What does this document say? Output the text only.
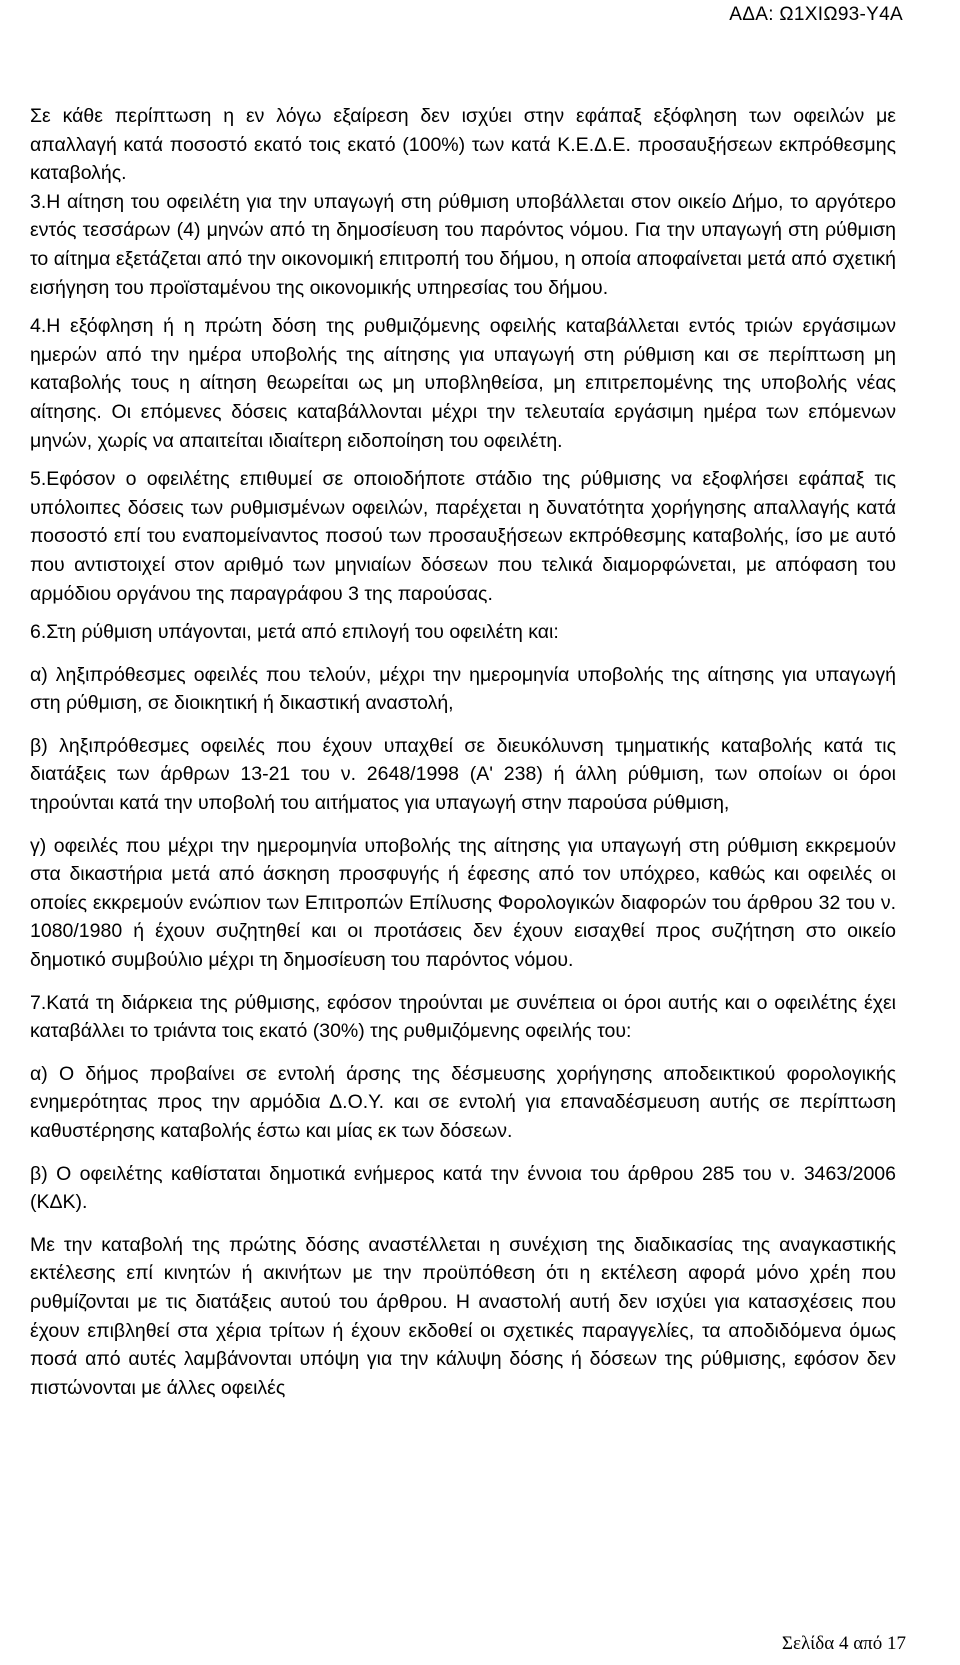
ΑΔΑ: Ω1ΧΙΩ93-Υ4Α

Σε κάθε περίπτωση η εν λόγω εξαίρεση δεν ισχύει στην εφάπαξ εξόφληση των οφειλών με απαλλαγή κατά ποσοστό εκατό τοις εκατό (100%) των κατά Κ.Ε.Δ.Ε. προσαυξήσεων εκπρόθεσμης καταβολής.

3.Η αίτηση του οφειλέτη για την υπαγωγή στη ρύθμιση υποβάλλεται στον οικείο Δήμο, το αργότερο εντός τεσσάρων (4) μηνών από τη δημοσίευση του παρόντος νόμου. Για την υπαγωγή στη ρύθμιση το αίτημα εξετάζεται από την οικονομική επιτροπή του δήμου, η οποία αποφαίνεται μετά από σχετική εισήγηση του προϊσταμένου της οικονομικής υπηρεσίας του δήμου.

4.Η εξόφληση ή η πρώτη δόση της ρυθμιζόμενης οφειλής καταβάλλεται εντός τριών εργάσιμων ημερών από την ημέρα υποβολής της αίτησης για υπαγωγή στη ρύθμιση και σε περίπτωση μη καταβολής τους η αίτηση θεωρείται ως μη υποβληθείσα, μη επιτρεπομένης της υποβολής νέας αίτησης. Οι επόμενες δόσεις καταβάλλονται μέχρι την τελευταία εργάσιμη ημέρα των επόμενων μηνών, χωρίς να απαιτείται ιδιαίτερη ειδοποίηση του οφειλέτη.

5.Εφόσον ο οφειλέτης επιθυμεί σε οποιοδήποτε στάδιο της ρύθμισης να εξοφλήσει εφάπαξ τις υπόλοιπες δόσεις των ρυθμισμένων οφειλών, παρέχεται η δυνατότητα χορήγησης απαλλαγής κατά ποσοστό επί του εναπομείναντος ποσού των προσαυξήσεων εκπρόθεσμης καταβολής, ίσο με αυτό που αντιστοιχεί στον αριθμό των μηνιαίων δόσεων που τελικά διαμορφώνεται, με απόφαση του αρμόδιου οργάνου της παραγράφου 3 της παρούσας.

6.Στη ρύθμιση υπάγονται, μετά από επιλογή του οφειλέτη και:

α) ληξιπρόθεσμες οφειλές που τελούν, μέχρι την ημερομηνία υποβολής της αίτησης για υπαγωγή στη ρύθμιση, σε διοικητική ή δικαστική αναστολή,

β) ληξιπρόθεσμες οφειλές που έχουν υπαχθεί σε διευκόλυνση τμηματικής καταβολής κατά τις διατάξεις των άρθρων 13-21 του ν. 2648/1998 (Α' 238) ή άλλη ρύθμιση, των οποίων οι όροι τηρούνται κατά την υποβολή του αιτήματος για υπαγωγή στην παρούσα ρύθμιση,

γ) οφειλές που μέχρι την ημερομηνία υποβολής της αίτησης για υπαγωγή στη ρύθμιση εκκρεμούν στα δικαστήρια μετά από άσκηση προσφυγής ή έφεσης από τον υπόχρεο, καθώς και οφειλές οι οποίες εκκρεμούν ενώπιον των Επιτροπών Επίλυσης Φορολογικών διαφορών του άρθρου 32 του ν. 1080/1980 ή έχουν συζητηθεί και οι προτάσεις δεν έχουν εισαχθεί προς συζήτηση στο οικείο δημοτικό συμβούλιο μέχρι τη δημοσίευση του παρόντος νόμου.

7.Κατά τη διάρκεια της ρύθμισης, εφόσον τηρούνται με συνέπεια οι όροι αυτής και ο οφειλέτης έχει καταβάλλει το τριάντα τοις εκατό (30%) της ρυθμιζόμενης οφειλής του:

α) Ο δήμος προβαίνει σε εντολή άρσης της δέσμευσης χορήγησης αποδεικτικού φορολογικής ενημερότητας προς την αρμόδια Δ.Ο.Υ. και σε εντολή για επαναδέσμευση αυτής σε περίπτωση καθυστέρησης καταβολής έστω και μίας εκ των δόσεων.

β) Ο οφειλέτης καθίσταται δημοτικά ενήμερος κατά την έννοια του άρθρου 285 του ν. 3463/2006 (ΚΔΚ).

Με την καταβολή της πρώτης δόσης αναστέλλεται η συνέχιση της διαδικασίας της αναγκαστικής εκτέλεσης επί κινητών ή ακινήτων με την προϋπόθεση ότι η εκτέλεση αφορά μόνο χρέη που ρυθμίζονται με τις διατάξεις αυτού του άρθρου. Η αναστολή αυτή δεν ισχύει για κατασχέσεις που έχουν επιβληθεί στα χέρια τρίτων ή έχουν εκδοθεί οι σχετικές παραγγελίες, τα αποδιδόμενα όμως ποσά από αυτές λαμβάνονται υπόψη για την κάλυψη δόσης ή δόσεων της ρύθμισης, εφόσον δεν πιστώνονται με άλλες οφειλές

Σελίδα 4 από 17
